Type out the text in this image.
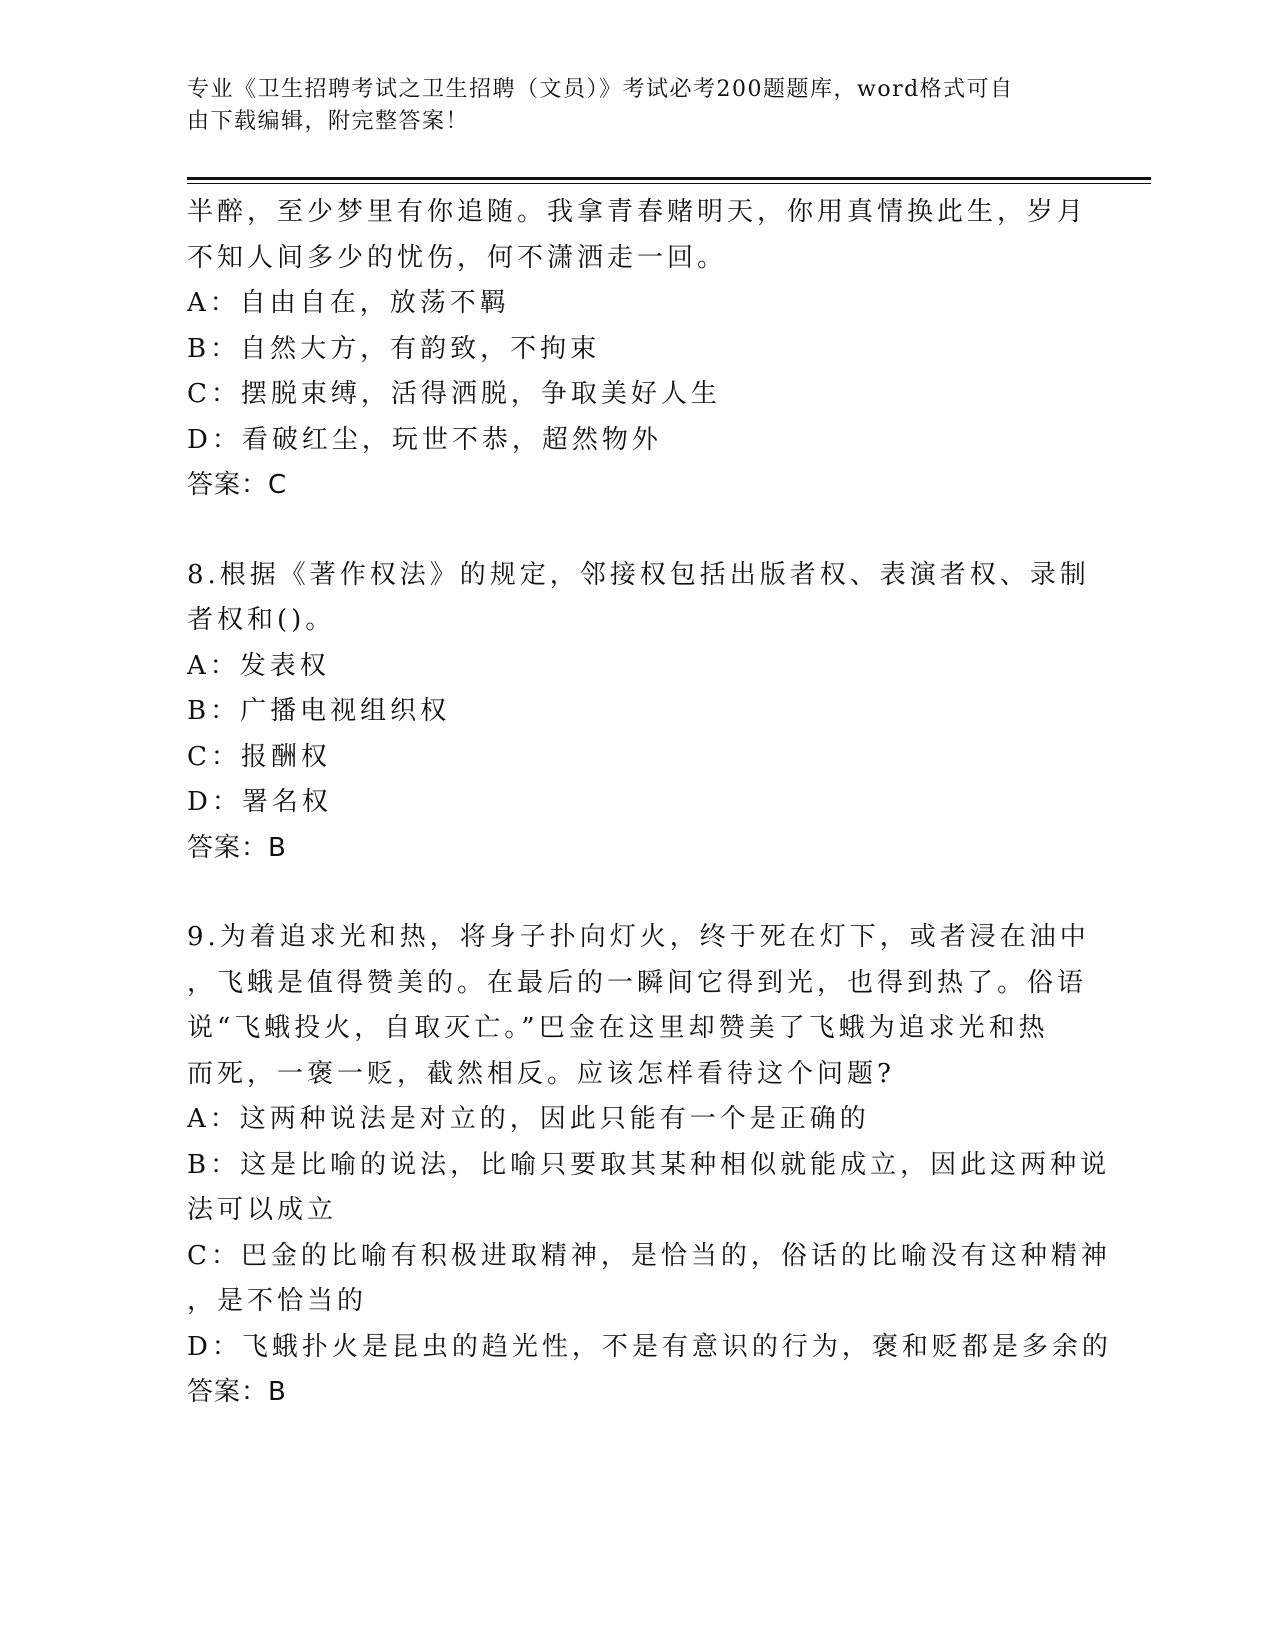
专业《卫生招聘考试之卫生招聘（文员）》考试必考200题题库，word格式可自
由下载编辑，附完整答案！
半醉，至少梦里有你追随。我拿青春赌明天，你用真情换此生，岁月
不知人间多少的忧伤，何不潇洒走一回。
A：自由自在，放荡不羁
B：自然大方，有韵致，不拘束
C：摆脱束缚，活得洒脱，争取美好人生
D：看破红尘，玩世不恭，超然物外
答案：C
8.根据《著作权法》的规定，邻接权包括出版者权、表演者权、录制
者权和()。
A：发表权
B：广播电视组织权
C：报酬权
D：署名权
答案：B
9.为着追求光和热，将身子扑向灯火，终于死在灯下，或者浸在油中
，飞蛾是值得赞美的。在最后的一瞬间它得到光，也得到热了。俗语
说“飞蛾投火，自取灭亡。”巴金在这里却赞美了飞蛾为追求光和热
而死，一褒一贬，截然相反。应该怎样看待这个问题?
A：这两种说法是对立的，因此只能有一个是正确的
B：这是比喻的说法，比喻只要取其某种相似就能成立，因此这两种说
法可以成立
C：巴金的比喻有积极进取精神，是恰当的，俗话的比喻没有这种精神
，是不恰当的
D：飞蛾扑火是昆虫的趋光性，不是有意识的行为，褒和贬都是多余的
答案：B
